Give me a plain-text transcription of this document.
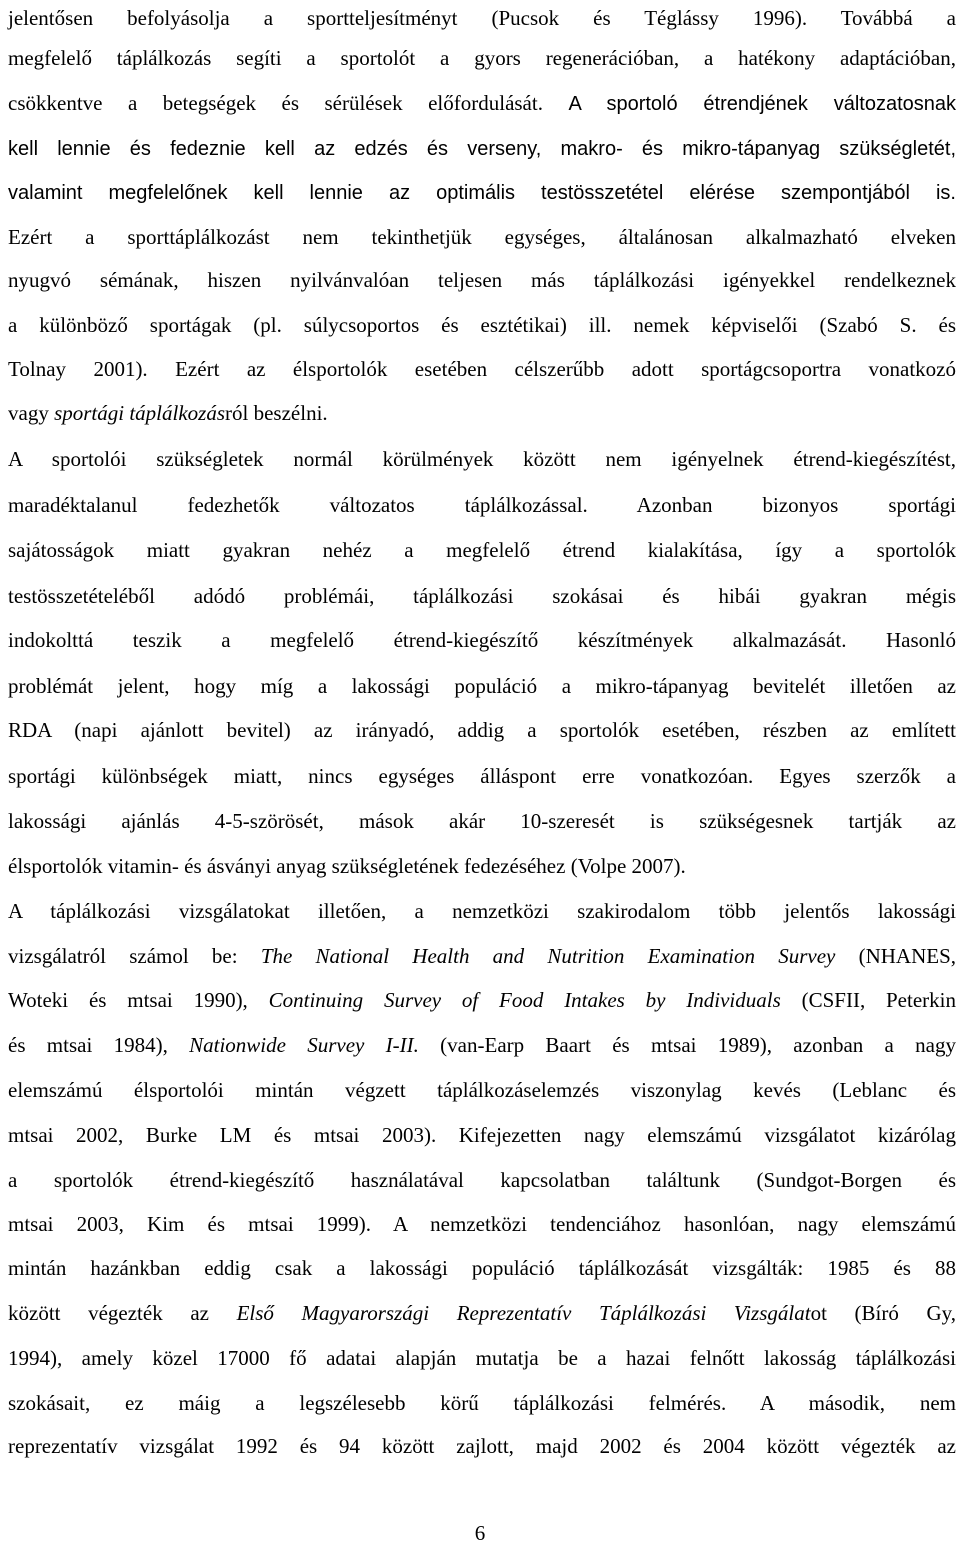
jelentősen befolyásolja a sportteljesítményt (Pucsok és Téglássy 1996). Továbbá a
megfelelő táplálkozás segíti a sportolót a gyors regenerációban, a hatékony adaptációban,
csökkentve a betegségek és sérülések előfordulását. A sportoló étrendjének változatosnak
kell lennie és fedeznie kell az edzés és verseny, makro- és mikro-tápanyag szükségletét,
valamint megfelelőnek kell lennie az optimális testösszetétel elérése szempontjából is.
Ezért a sporttáplálkozást nem tekinthetjük egységes, általánosan alkalmazható elveken
nyugvó sémának, hiszen nyilvánvalóan teljesen más táplálkozási igényekkel rendelkeznek
a különböző sportágak (pl. súlycsoportos és esztétikai) ill. nemek képviselői (Szabó S. és
Tolnay 2001). Ezért az élsportolók esetében célszerűbb adott sportágcsoportra vonatkozó
vagy sportági táplálkozásról beszélni.
A sportolói szükségletek normál körülmények között nem igényelnek étrend-kiegészítést,
maradéktalanul fedezhetők változatos táplálkozással. Azonban bizonyos sportági
sajátosságok miatt gyakran nehéz a megfelelő étrend kialakítása, így a sportolók
testösszetételéből adódó problémái, táplálkozási szokásai és hibái gyakran mégis
indokolttá teszik a megfelelő étrend-kiegészítő készítmények alkalmazását. Hasonló
problémát jelent, hogy míg a lakossági populáció a mikro-tápanyag bevitelét illetően az
RDA (napi ajánlott bevitel) az irányadó, addig a sportolók esetében, részben az említett
sportági különbségek miatt, nincs egységes álláspont erre vonatkozóan. Egyes szerzők a
lakossági ajánlás 4-5-szörösét, mások akár 10-szeresét is szükségesnek tartják az
élsportolók vitamin- és ásványi anyag szükségletének fedezéséhez (Volpe 2007).
A táplálkozási vizsgálatokat illetően, a nemzetközi szakirodalom több jelentős lakossági
vizsgálatról számol be: The National Health and Nutrition Examination Survey (NHANES,
Woteki és mtsai 1990), Continuing Survey of Food Intakes by Individuals (CSFII, Peterkin
és mtsai 1984), Nationwide Survey I-II. (van-Earp Baart és mtsai 1989), azonban a nagy
elemszámú élsportolói mintán végzett táplálkozáselemzés viszonylag kevés (Leblanc és
mtsai 2002, Burke LM és mtsai 2003). Kifejezetten nagy elemszámú vizsgálatot kizárólag
a sportolók étrend-kiegészítő használatával kapcsolatban találtunk (Sundgot-Borgen és
mtsai 2003, Kim és mtsai 1999). A nemzetközi tendenciához hasonlóan, nagy elemszámú
mintán hazánkban eddig csak a lakossági populáció táplálkozását vizsgálták: 1985 és 88
között végezték az Első Magyarországi Reprezentatív Táplálkozási Vizsgálatot (Bíró Gy,
1994), amely közel 17000 fő adatai alapján mutatja be a hazai felnőtt lakosság táplálkozási
szokásait, ez máig a legszélesebb körű táplálkozási felmérés. A második, nem
reprezentatív vizsgálat 1992 és 94 között zajlott, majd 2002 és 2004 között végezték az
6
